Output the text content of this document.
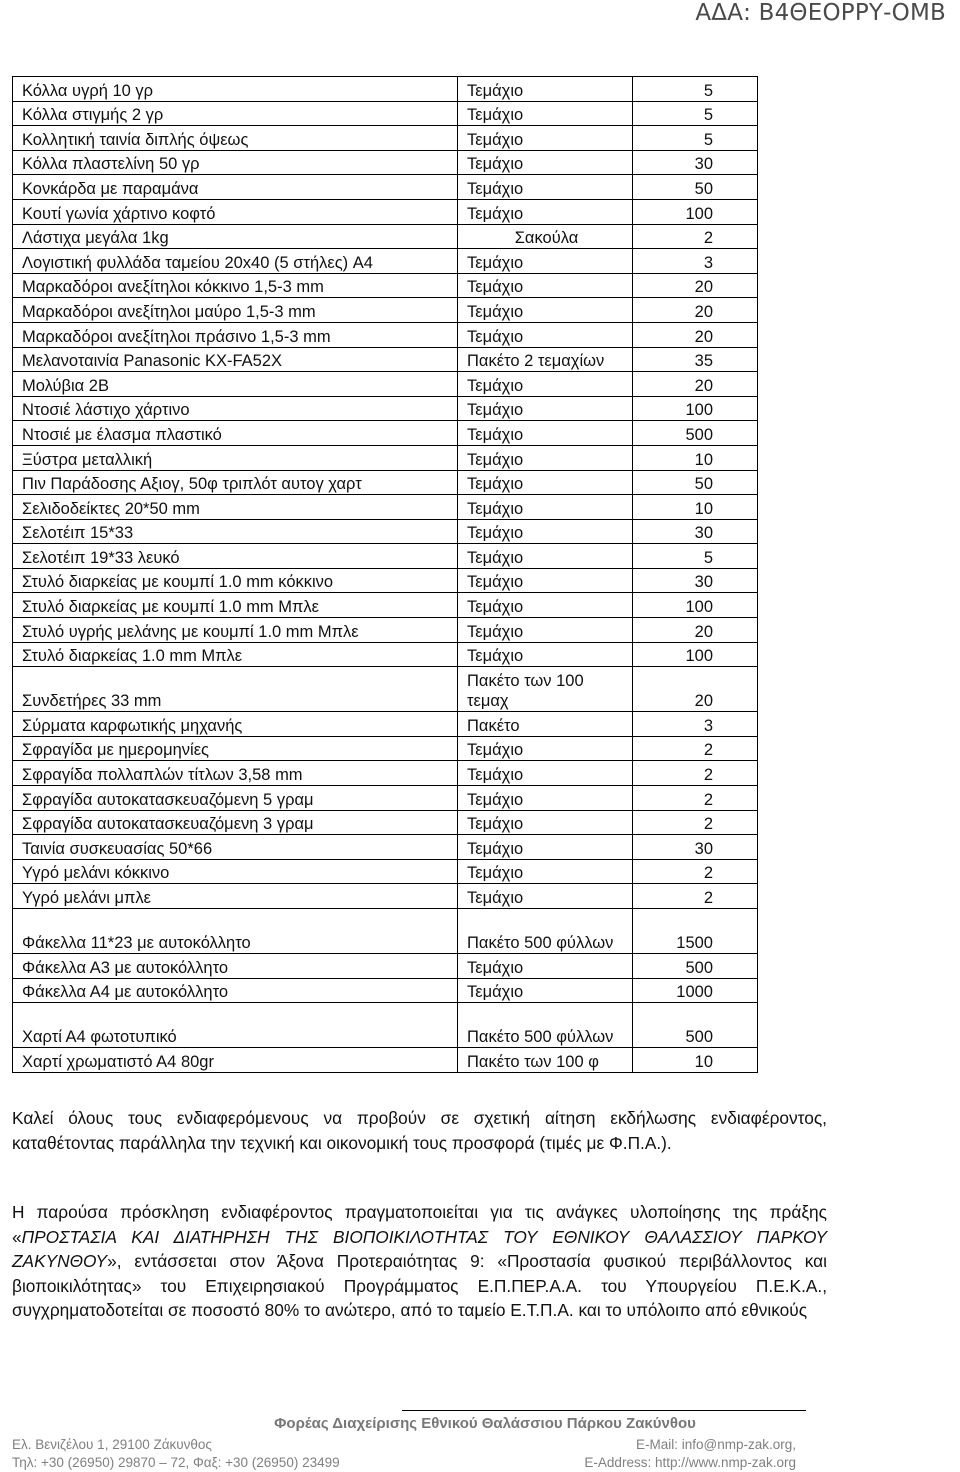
ΑΔΑ: Β4ΘΕΟΡΡΥ-ΟΜΒ
Κόλλα υγρή 10 γρ	Τεμάχιο	5
Κόλλα στιγμής 2 γρ	Τεμάχιο	5
Κολλητική ταινία διπλής όψεως	Τεμάχιο	5
Κόλλα πλαστελίνη 50 γρ	Τεμάχιο	30
Κονκάρδα με παραμάνα	Τεμάχιο	50
Κουτί γωνία χάρτινο κοφτό	Τεμάχιο	100
Λάστιχα μεγάλα 1kg	Σακούλα	2
Λογιστική φυλλάδα ταμείου 20x40 (5 στήλες) Α4	Τεμάχιο	3
Μαρκαδόροι ανεξίτηλοι κόκκινο 1,5-3 mm	Τεμάχιο	20
Μαρκαδόροι ανεξίτηλοι μαύρο 1,5-3 mm	Τεμάχιο	20
Μαρκαδόροι ανεξίτηλοι πράσινο 1,5-3 mm	Τεμάχιο	20
Μελανοταινία Panasonic KX-FA52X	Πακέτο 2 τεμαχίων	35
Μολύβια 2Β	Τεμάχιο	20
Ντοσιέ λάστιχο χάρτινο	Τεμάχιο	100
Ντοσιέ με έλασμα πλαστικό	Τεμάχιο	500
Ξύστρα μεταλλική	Τεμάχιο	10
Πιν Παράδοσης Αξιογ, 50φ τριπλότ αυτογ χαρτ	Τεμάχιο	50
Σελιδοδείκτες 20*50 mm	Τεμάχιο	10
Σελοτέιπ 15*33	Τεμάχιο	30
Σελοτέιπ 19*33 λευκό	Τεμάχιο	5
Στυλό διαρκείας με κουμπί 1.0 mm κόκκινο	Τεμάχιο	30
Στυλό διαρκείας με κουμπί 1.0 mm Μπλε	Τεμάχιο	100
Στυλό υγρής μελάνης με κουμπί 1.0 mm Μπλε	Τεμάχιο	20
Στυλό διαρκείας 1.0 mm Μπλε	Τεμάχιο	100
Συνδετήρες 33 mm	Πακέτο των 100 τεμαχ	20
Σύρματα καρφωτικής μηχανής	Πακέτο	3
Σφραγίδα με ημερομηνίες	Τεμάχιο	2
Σφραγίδα πολλαπλών τίτλων 3,58 mm	Τεμάχιο	2
Σφραγίδα αυτοκατασκευαζόμενη 5 γραμ	Τεμάχιο	2
Σφραγίδα αυτοκατασκευαζόμενη 3 γραμ	Τεμάχιο	2
Ταινία συσκευασίας 50*66	Τεμάχιο	30
Υγρό μελάνι κόκκινο	Τεμάχιο	2
Υγρό μελάνι μπλε	Τεμάχιο	2
Φάκελλα 11*23 με αυτοκόλλητο	Πακέτο 500 φύλλων	1500
Φάκελλα Α3 με αυτοκόλλητο	Τεμάχιο	500
Φάκελλα Α4 με αυτοκόλλητο	Τεμάχιο	1000
Χαρτί Α4 φωτοτυπικό	Πακέτο 500 φύλλων	500
Χαρτί χρωματιστό Α4 80gr	Πακέτο των 100 φ	10
Καλεί όλους τους ενδιαφερόμενους να προβούν σε σχετική αίτηση εκδήλωσης ενδιαφέροντος, καταθέτοντας παράλληλα την τεχνική και οικονομική τους προσφορά (τιμές με Φ.Π.Α.).
Η παρούσα πρόσκληση ενδιαφέροντος πραγματοποιείται για τις ανάγκες υλοποίησης της πράξης «ΠΡΟΣΤΑΣΙΑ ΚΑΙ ΔΙΑΤΗΡΗΣΗ ΤΗΣ ΒΙΟΠΟΙΚΙΛΟΤΗΤΑΣ ΤΟΥ ΕΘΝΙΚΟΥ ΘΑΛΑΣΣΙΟΥ ΠΑΡΚΟΥ ΖΑΚΥΝΘΟΥ», εντάσσεται στον Άξονα Προτεραιότητας 9: «Προστασία φυσικού περιβάλλοντος και βιοποικιλότητας» του Επιχειρησιακού Προγράμματος Ε.Π.ΠΕΡ.Α.Α. του Υπουργείου Π.Ε.Κ.Α., συγχρηματοδοτείται σε ποσοστό 80% το ανώτερο, από το ταμείο Ε.Τ.Π.Α. και το υπόλοιπο από εθνικούς
Φορέας Διαχείρισης Εθνικού Θαλάσσιου Πάρκου Ζακύνθου
Ελ. Βενιζέλου 1, 29100 Ζάκυνθος
Τηλ: +30 (26950) 29870 – 72, Φαξ: +30 (26950) 23499
E-Mail: info@nmp-zak.org,
E-Address: http://www.nmp-zak.org
